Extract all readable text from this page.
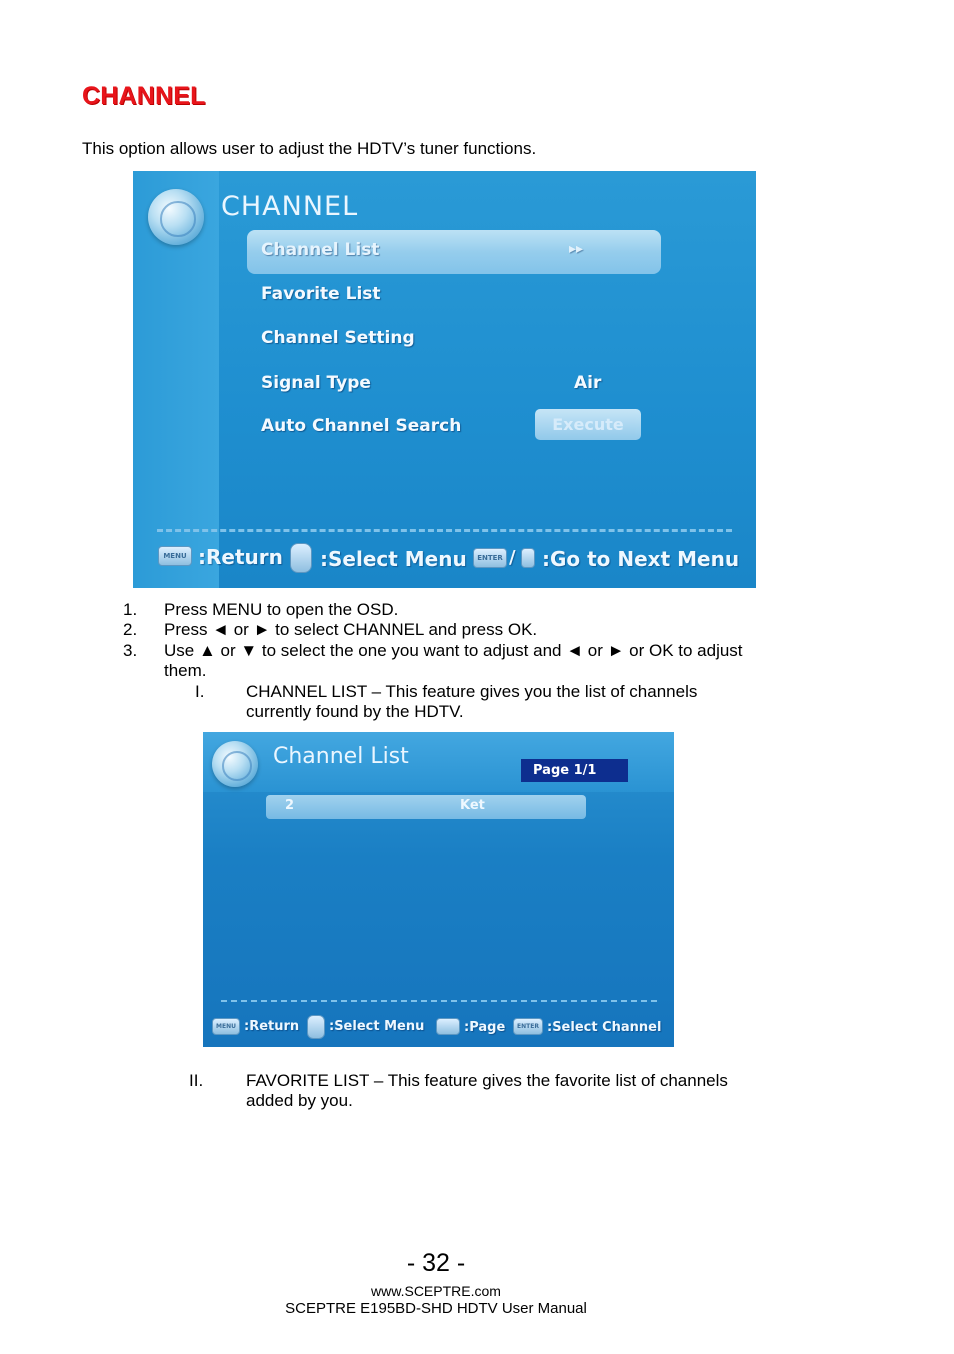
CHANNEL
This option allows user to adjust the HDTV’s tuner functions.
CHANNEL
Channel List	▸▸
Favorite List
Channel Setting
Signal Type	Air
Auto Channel Search	Execute
MENU :Return :Select Menu	ENTER / :Go to Next Menu
1. Press MENU to open the OSD.
2. Press ◄ or ► to select CHANNEL and press OK.
3. Use ▲ or ▼ to select the one you want to adjust and ◄ or ► or OK to adjust
them.
I. CHANNEL LIST – This feature gives you the list of channels
currently found by the HDTV.
Channel List
Page 1/1
2	Ket
MENU :Return :Select Menu	:Page	ENTER :Select Channel
II.	FAVORITE LIST – This feature gives the favorite list of channels
added by you.
- 32 -
www.SCEPTRE.com
SCEPTRE E195BD-SHD HDTV User Manual
